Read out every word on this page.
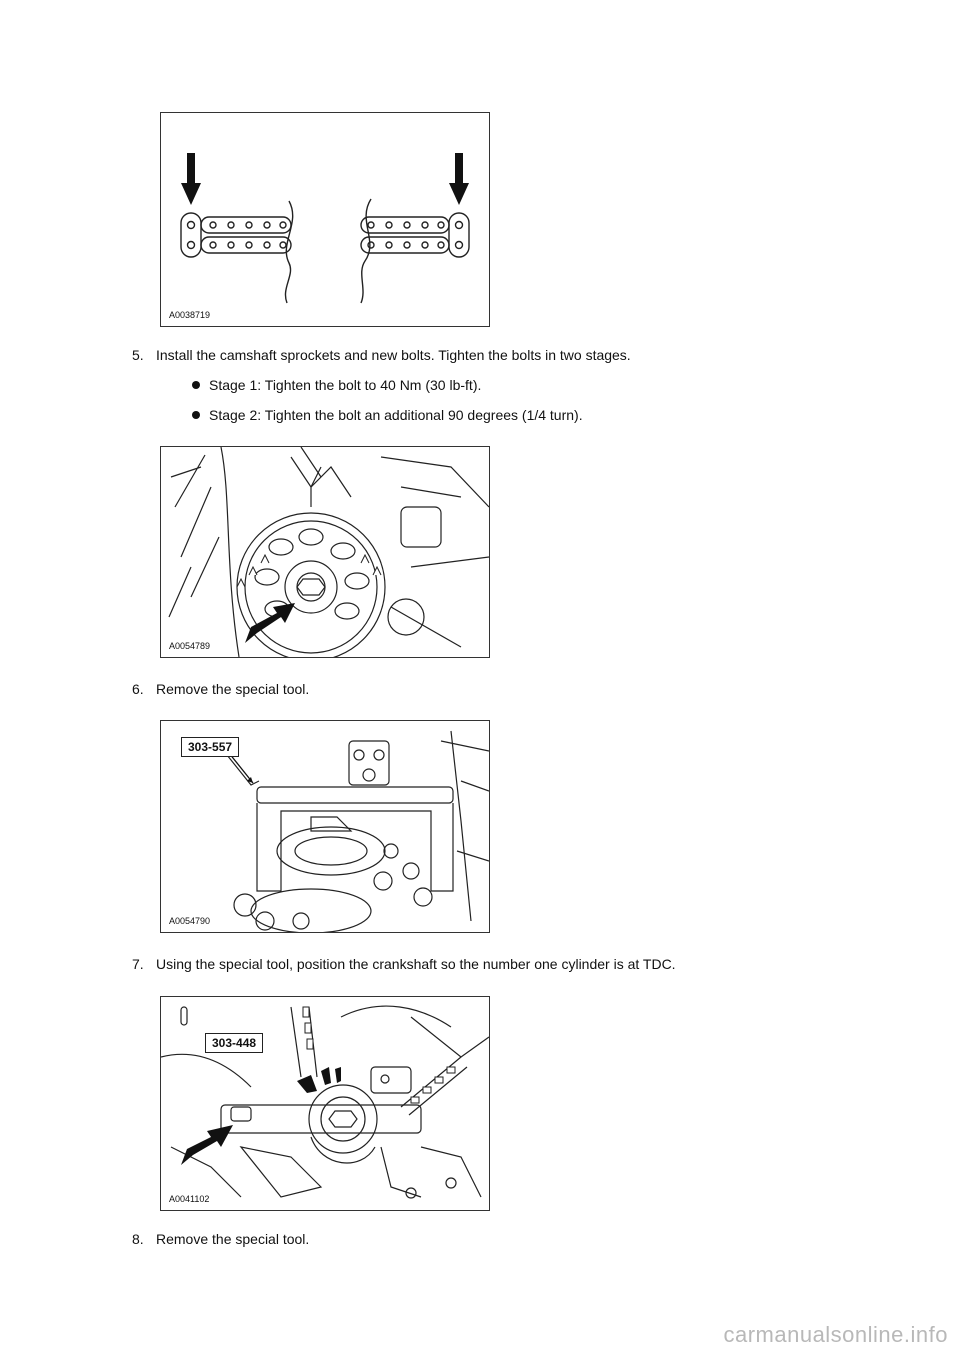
A0038719
5. Install the camshaft sprockets and new bolts. Tighten the bolts in two stages.
Stage 1: Tighten the bolt to 40 Nm (30 lb-ft).
Stage 2: Tighten the bolt an additional 90 degrees (1/4 turn).
A0054789
6. Remove the special tool.
303-557
A0054790
7. Using the special tool, position the crankshaft so the number one cylinder is at TDC.
303-448
A0041102
8. Remove the special tool.
carmanualsonline.info
